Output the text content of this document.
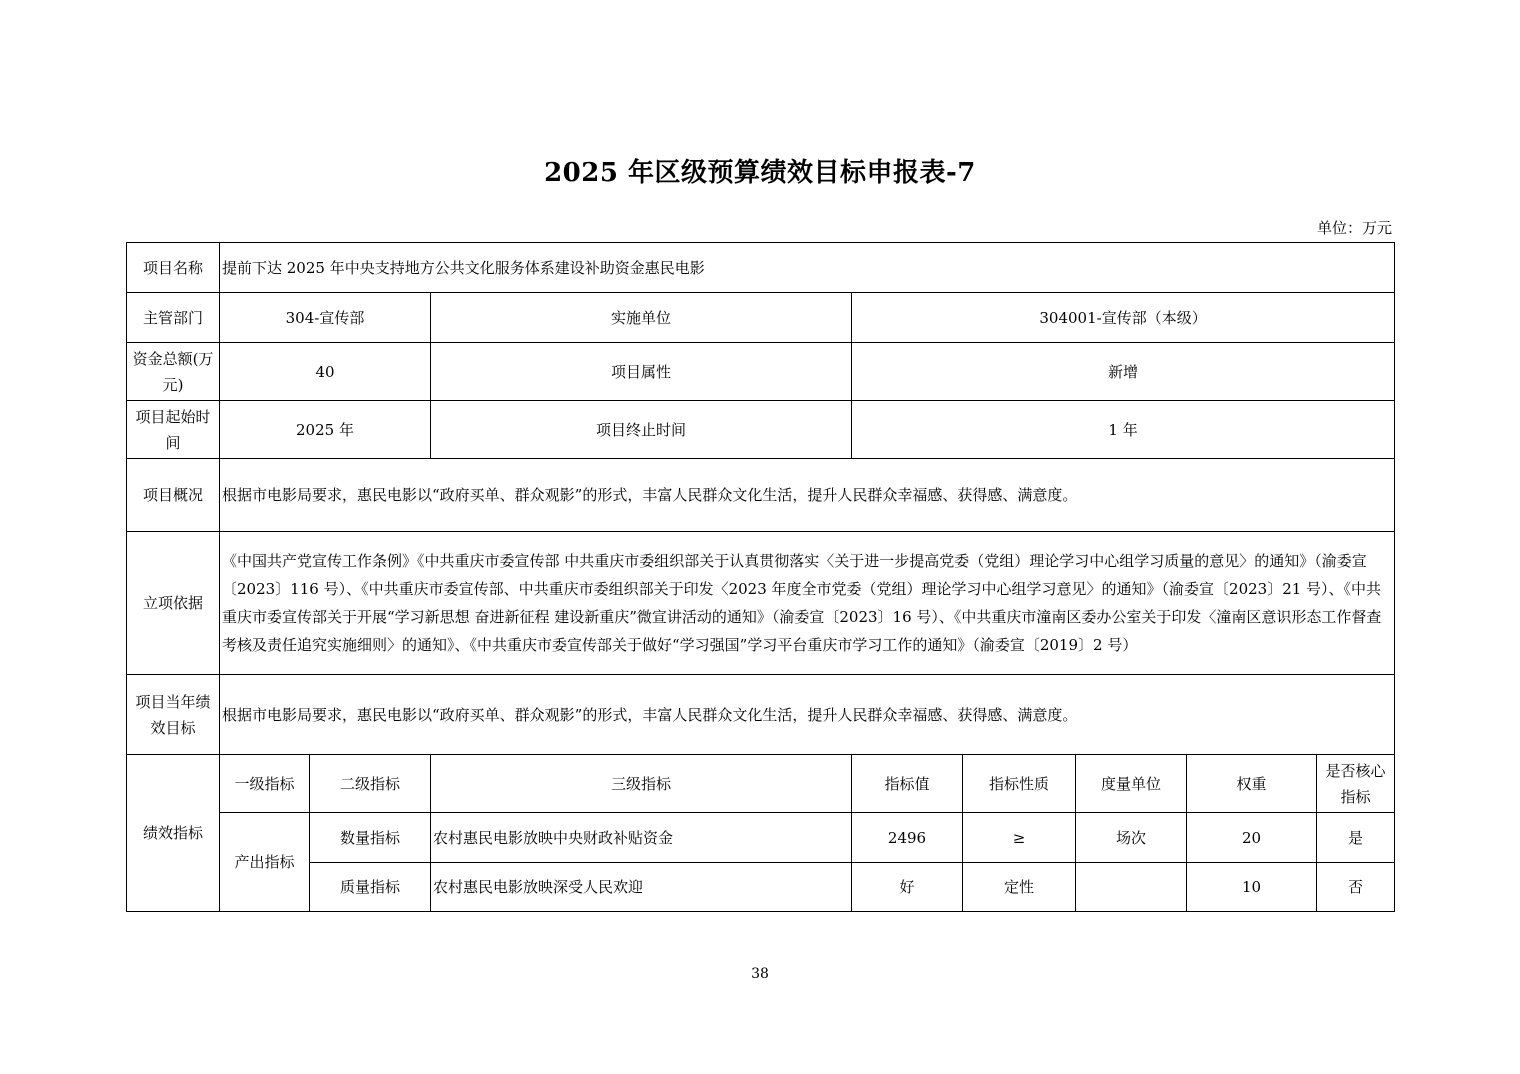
2025 年区级预算绩效目标申报表-7
单位：万元
项目名称	提前下达 2025 年中央支持地方公共文化服务体系建设补助资金惠民电影							
主管部门	304-宣传部		实施单位	304001-宣传部（本级）				
资金总额(万元)	40		项目属性	新增				
项目起始时间	2025 年		项目终止时间	1 年				
项目概况	根据市电影局要求，惠民电影以“政府买单、群众观影”的形式，丰富人民群众文化生活，提升人民群众幸福感、获得感、满意度。							
立项依据	《中国共产党宣传工作条例》《中共重庆市委宣传部 中共重庆市委组织部关于认真贯彻落实〈关于进一步提高党委（党组）理论学习中心组学习质量的意见〉的通知》（渝委宣〔2023〕116 号）、《中共重庆市委宣传部、中共重庆市委组织部关于印发〈2023 年度全市党委（党组）理论学习中心组学习意见〉的通知》（渝委宣〔2023〕21 号）、《中共重庆市委宣传部关于开展“学习新思想 奋进新征程 建设新重庆”微宣讲活动的通知》（渝委宣〔2023〕16 号）、《中共重庆市潼南区委办公室关于印发〈潼南区意识形态工作督查考核及责任追究实施细则〉的通知》、《中共重庆市委宣传部关于做好“学习强国”学习平台重庆市学习工作的通知》（渝委宣〔2019〕2 号）							
项目当年绩效目标	根据市电影局要求，惠民电影以“政府买单、群众观影”的形式，丰富人民群众文化生活，提升人民群众幸福感、获得感、满意度。							
绩效指标	一级指标	二级指标	三级指标	指标值	指标性质	度量单位	权重	是否核心指标
	产出指标	数量指标	农村惠民电影放映中央财政补贴资金	2496	≥	场次	20	是
		质量指标	农村惠民电影放映深受人民欢迎	好	定性		10	否
38
